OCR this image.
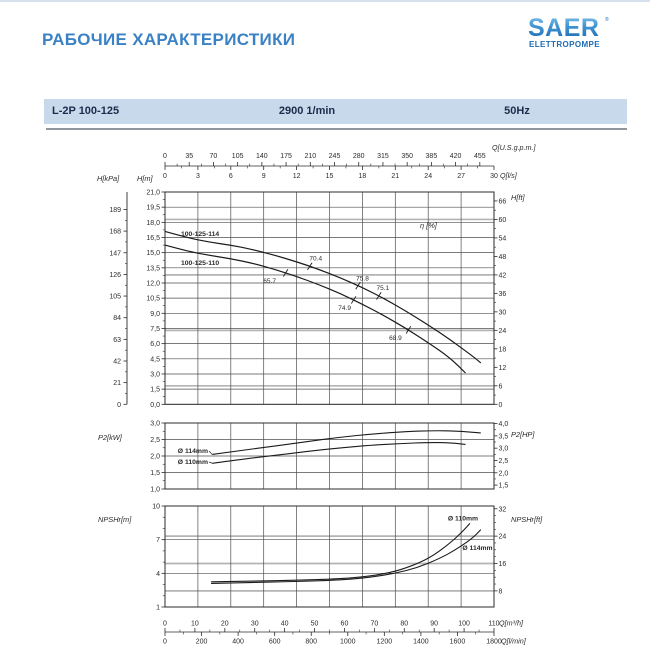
РАБОЧИЕ ХАРАКТЕРИСТИКИ	SAER ®
ELETTROPOMPE
L-2P 100-125	2900 1/min	50Hz
0	35 70 105 140 175 210 245 280 315 350 385 420 455
0	3	6	9	12	15	18	21	24	27	30
Q[U.S.g.p.m.]
Q[l/s]
21,0
19,5
18,0
16,5
15,0
13,5
12,0
10,5
9,0
7,5
6,0
4,5
3,0
1,5
0,0
189
168
147
126
105
84
63
42
21
0
66
60
54
48
42
36
30
24
18
12
6
0
H[kPa] H[m]
H[ft]
η [%]
100-125-114
100-125-110
65.7
70.4
75.8
75.1
74.9
68.9
3,0
2,5
2,0
1,5
1,0
4,0
3,5
3,0
2,5
2,0
1,5
P2[kW]	P2[HP]
Ø 114mm
Ø 110mm
10
7
4
1
32
24
16
8
NPSHr[m]	NPSHr[ft]
Ø 110mm
Ø 114mm
0	10	20	30	40	50	60	70	80	90	100	110
0	200	400	600	800	1000	1200	1400	1600	1800
Q[m³/h]
Q[l/min]
